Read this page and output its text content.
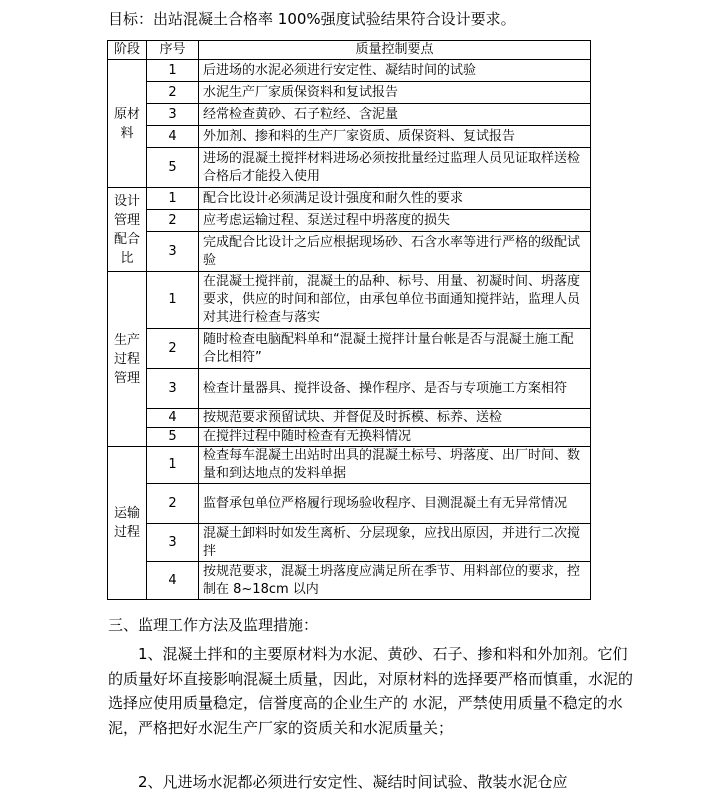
目标：出站混凝土合格率 100%强度试验结果符合设计要求。
阶段	序号	质量控制要点

原材料	1	后进场的水泥必须进行安定性、凝结时间的试验
	2	水泥生产厂家质保资料和复试报告
	3	经常检查黄砂、石子粒经、含泥量
	4	外加剂、掺和料的生产厂家资质、质保资料、复试报告
	5	进场的混凝土搅拌材料进场必须按批量经过监理人员见证取样送检合格后才能投入使用

设计管理配合比	1	配合比设计必须满足设计强度和耐久性的要求
	2	应考虑运输过程、泵送过程中坍落度的损失
	3	完成配合比设计之后应根据现场砂、石含水率等进行严格的级配试验

生产过程管理	1	在混凝土搅拌前，混凝土的品种、标号、用量、初凝时间、坍落度要求，供应的时间和部位，由承包单位书面通知搅拌站，监理人员对其进行检查与落实
	2	随时检查电脑配料单和“混凝土搅拌计量台帐是否与混凝土施工配合比相符”
	3	检查计量器具、搅拌设备、操作程序、是否与专项施工方案相符
	4	按规范要求预留试块、并督促及时拆模、标养、送检
	5	在搅拌过程中随时检查有无换料情况

运输过程	1	检查每车混凝土出站时出具的混凝土标号、坍落度、出厂时间、数量和到达地点的发料单据
	2	监督承包单位严格履行现场验收程序、目测混凝土有无异常情况
	3	混凝土卸料时如发生离析、分层现象，应找出原因，并进行二次搅拌
	4	按规范要求，混凝土坍落度应满足所在季节、用料部位的要求，控制在 8~18cm 以内
三、监理工作方法及监理措施：
1、混凝土拌和的主要原材料为水泥、黄砂、石子、掺和料和外加剂。它们的质量好坏直接影响混凝土质量，因此，对原材料的选择要严格而慎重，水泥的选择应使用质量稳定，信誉度高的企业生产的 水泥，严禁使用质量不稳定的水泥，严格把好水泥生产厂家的资质关和水泥质量关；
2、凡进场水泥都必须进行安定性、凝结时间试验、散装水泥仓应
